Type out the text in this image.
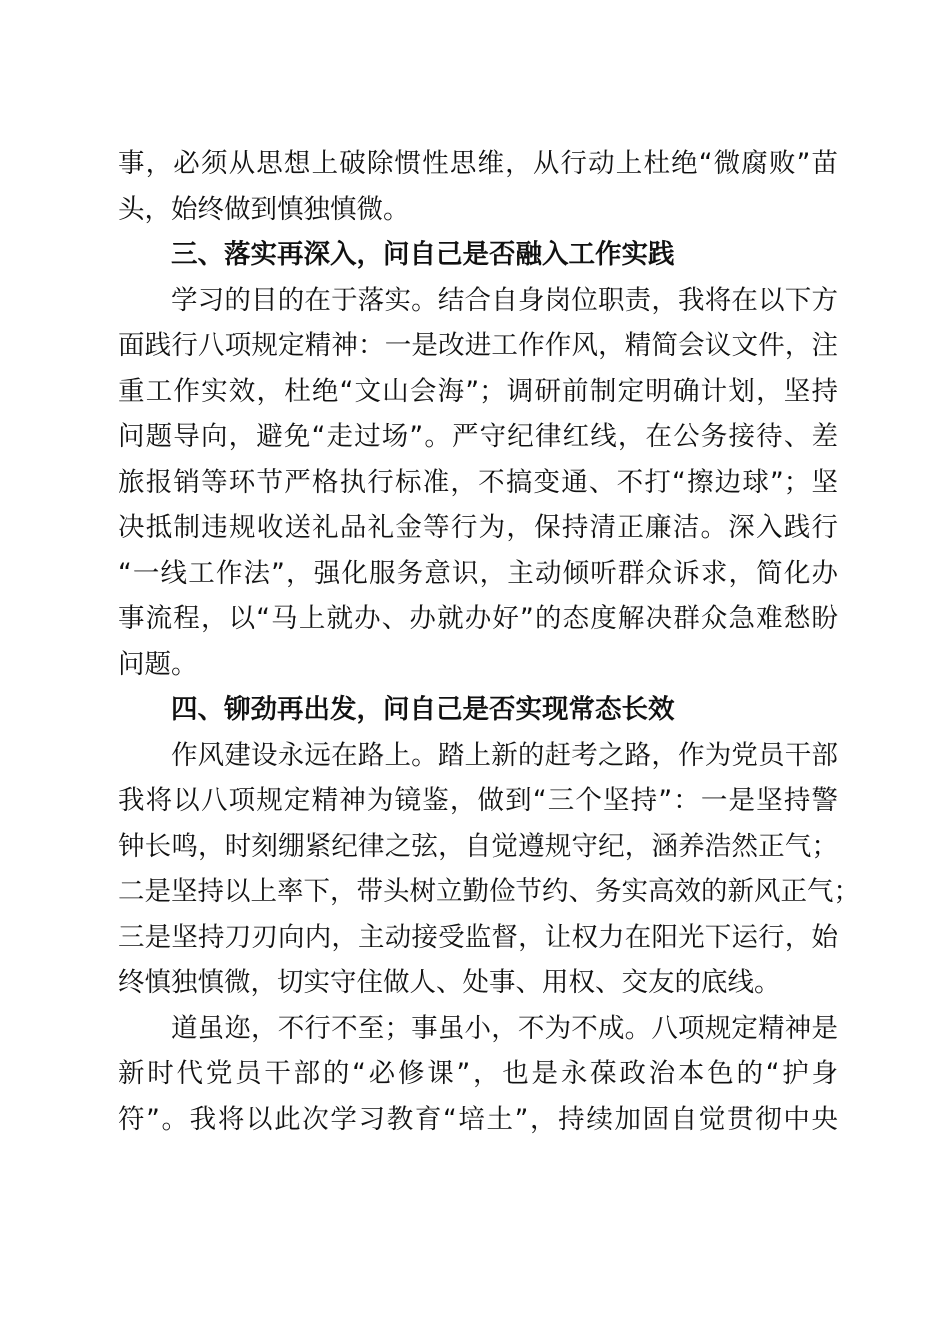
事，必须从思想上破除惯性思维，从行动上杜绝“微腐败”苗
头，始终做到慎独慎微。
三、落实再深入，问自己是否融入工作实践
学习的目的在于落实。结合自身岗位职责，我将在以下方
面践行八项规定精神：一是改进工作作风，精简会议文件，注
重工作实效，杜绝“文山会海”；调研前制定明确计划，坚持
问题导向，避免“走过场”。严守纪律红线，在公务接待、差
旅报销等环节严格执行标准，不搞变通、不打“擦边球”；坚
决抵制违规收送礼品礼金等行为，保持清正廉洁。深入践行
“一线工作法”，强化服务意识，主动倾听群众诉求，简化办
事流程，以“马上就办、办就办好”的态度解决群众急难愁盼
问题。
四、铆劲再出发，问自己是否实现常态长效
作风建设永远在路上。踏上新的赶考之路，作为党员干部
我将以八项规定精神为镜鉴，做到“三个坚持”：一是坚持警
钟长鸣，时刻绷紧纪律之弦，自觉遵规守纪，涵养浩然正气；
二是坚持以上率下，带头树立勤俭节约、务实高效的新风正气；
三是坚持刀刃向内，主动接受监督，让权力在阳光下运行，始
终慎独慎微，切实守住做人、处事、用权、交友的底线。
道虽迩，不行不至；事虽小，不为不成。八项规定精神是
新时代党员干部的“必修课”，也是永葆政治本色的“护身
符”。我将以此次学习教育“培土”，持续加固自觉贯彻中央
